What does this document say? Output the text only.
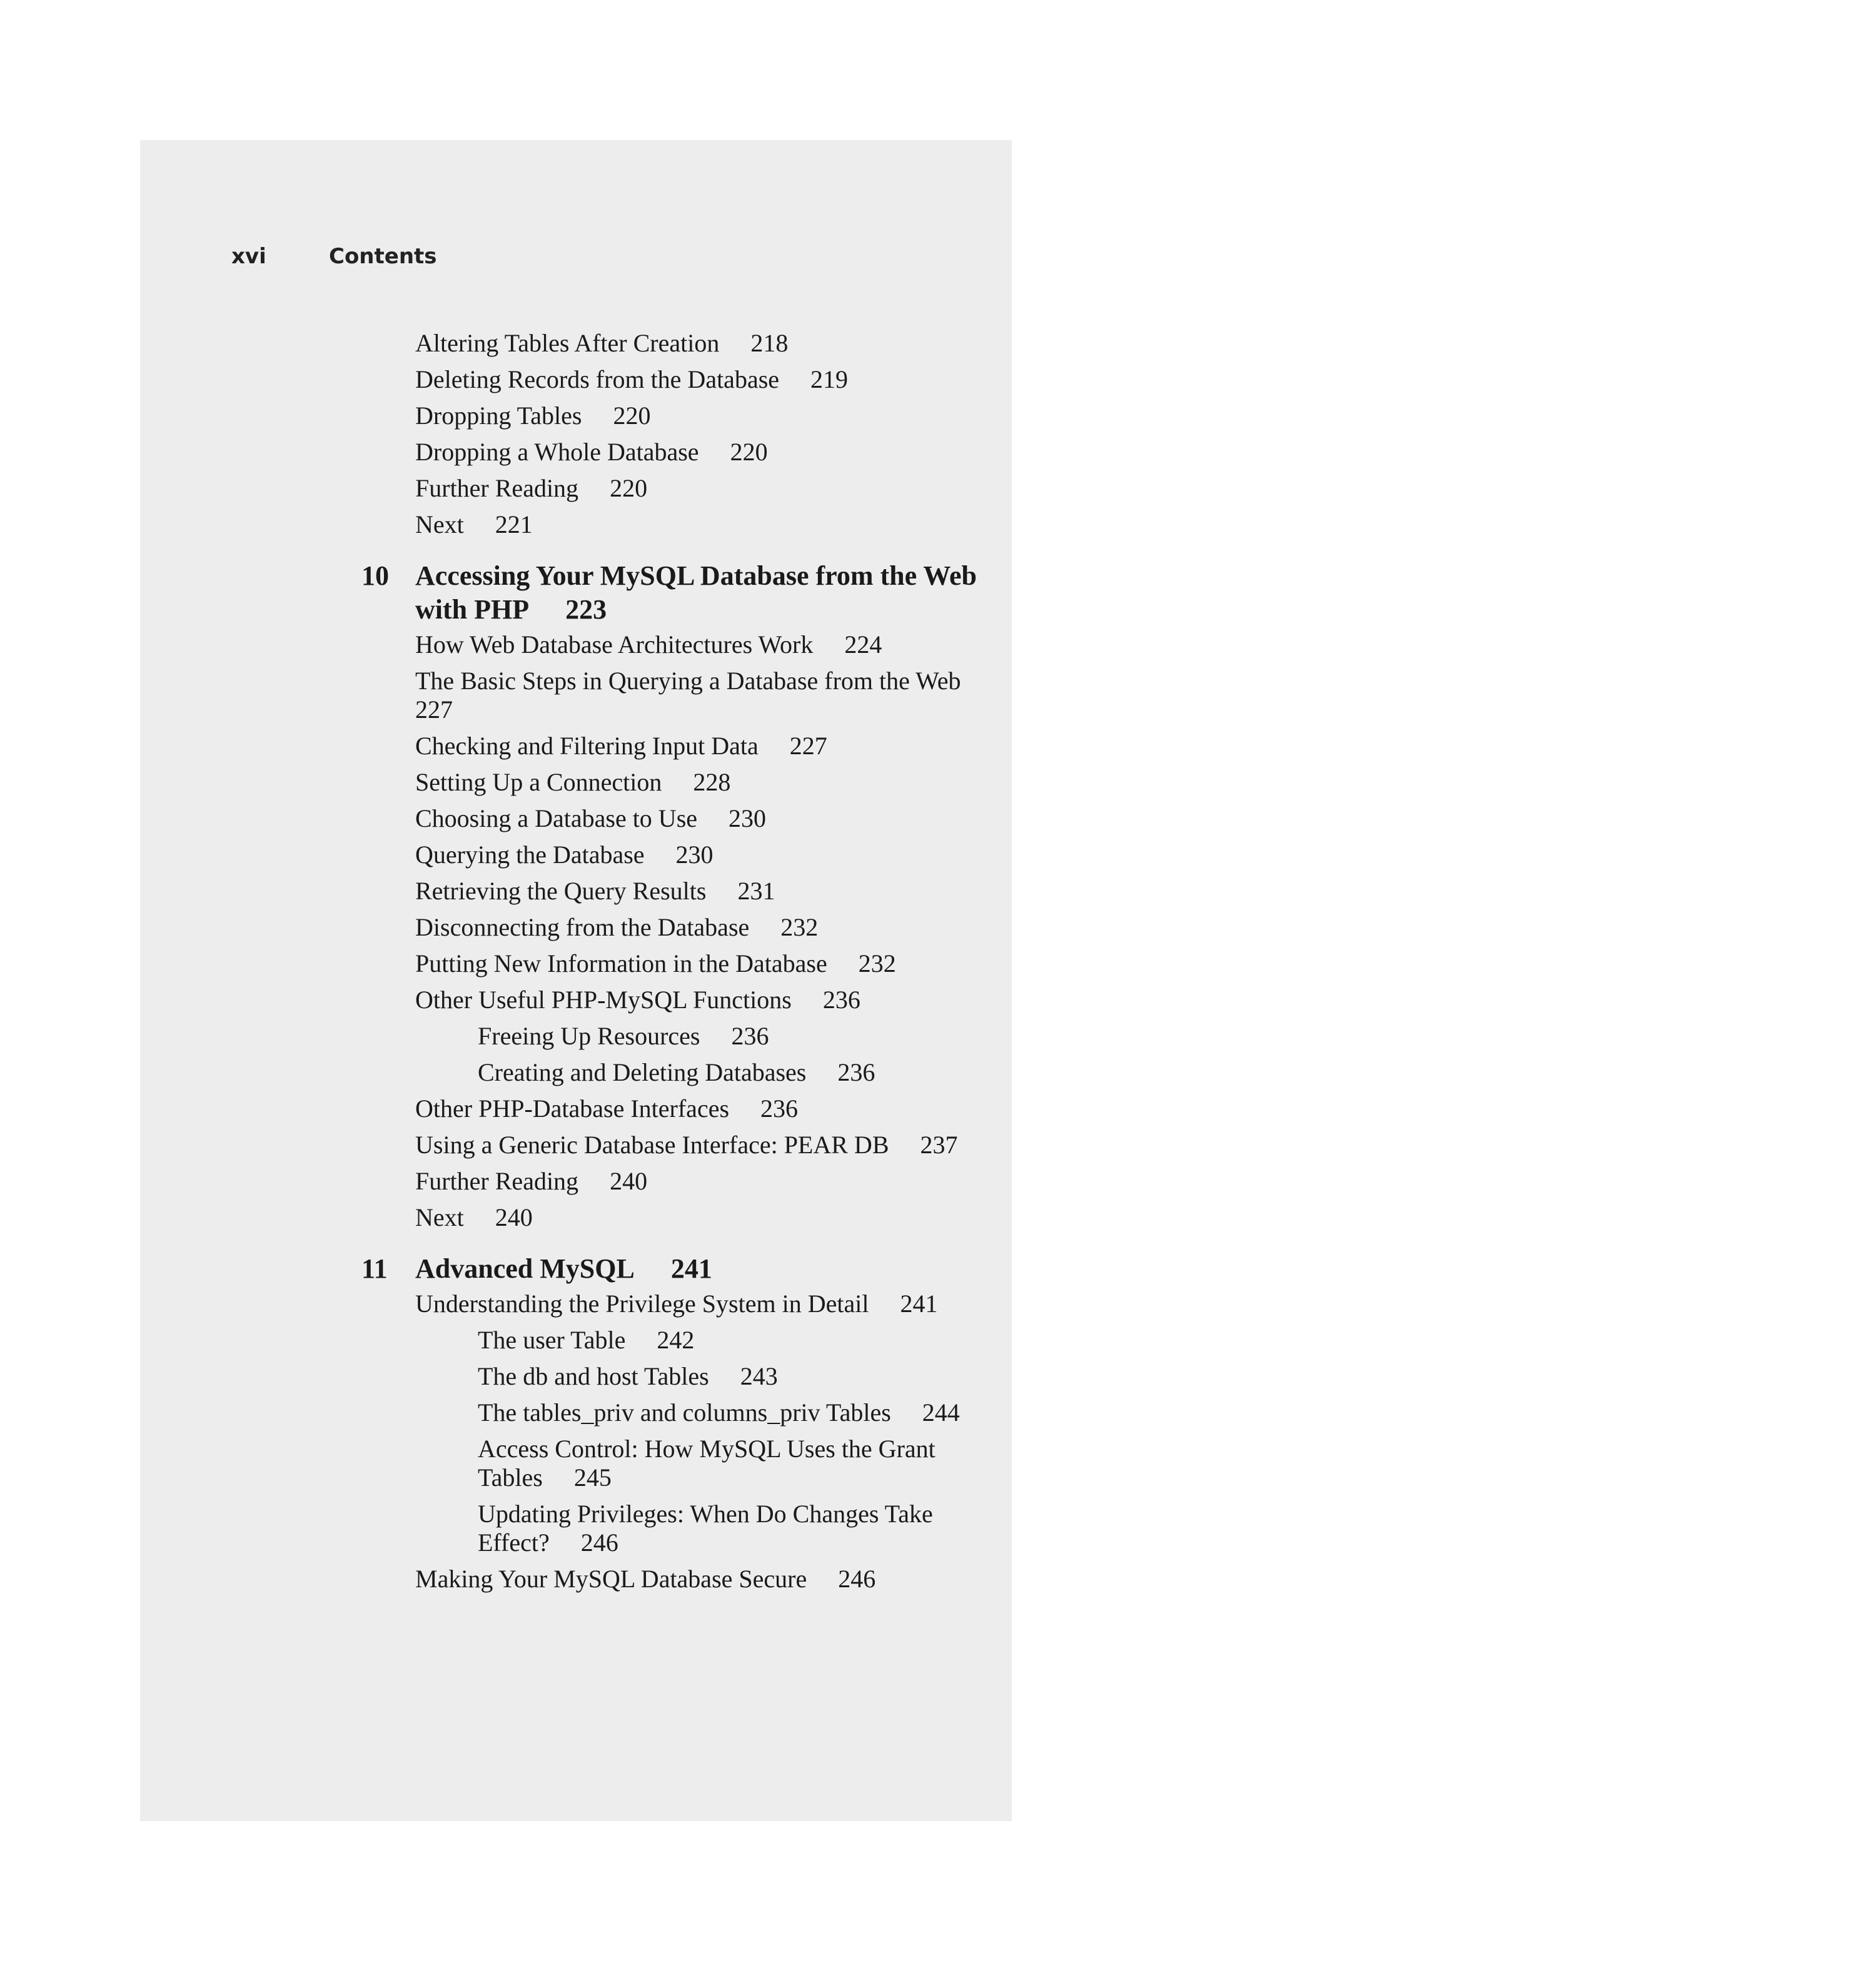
xvi	Contents
Altering Tables After Creation 218
Deleting Records from the Database 219
Dropping Tables 220
Dropping a Whole Database 220
Further Reading 220
Next 221
10 Accessing Your MySQL Database from the Web with PHP 223
How Web Database Architectures Work 224
The Basic Steps in Querying a Database from the Web
227
Checking and Filtering Input Data 227
Setting Up a Connection 228
Choosing a Database to Use 230
Querying the Database 230
Retrieving the Query Results 231
Disconnecting from the Database 232
Putting New Information in the Database 232
Other Useful PHP-MySQL Functions 236
Freeing Up Resources 236
Creating and Deleting Databases 236
Other PHP-Database Interfaces 236
Using a Generic Database Interface: PEAR DB 237
Further Reading 240
Next 240
11 Advanced MySQL 241
Understanding the Privilege System in Detail 241
The user Table 242
The db and host Tables 243
The tables_priv and columns_priv Tables 244
Access Control: How MySQL Uses the Grant Tables 245
Updating Privileges: When Do Changes Take Effect? 246
Making Your MySQL Database Secure 246
